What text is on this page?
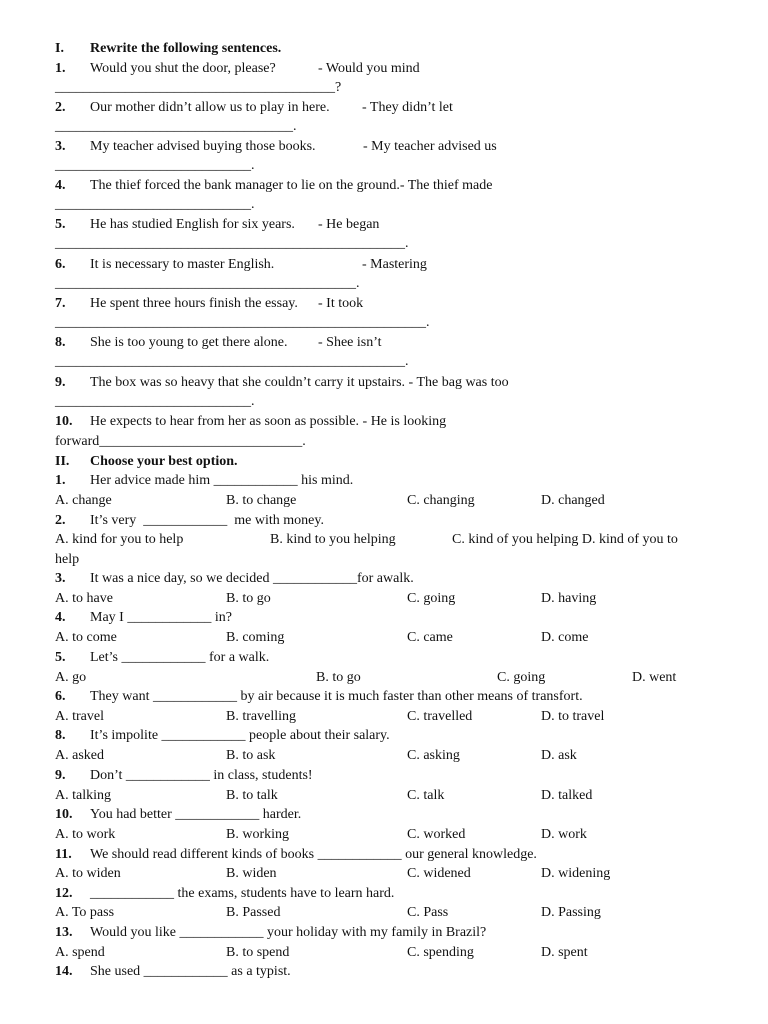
I. Rewrite the following sentences.
1. Would you shut the door, please?	- Would you mind
________________________________________?
2. Our mother didn’t allow us to play in here. - They didn’t let
__________________________________.
3. My teacher advised buying those books.	- My teacher advised us
____________________________.
4. The thief forced the bank manager to lie on the ground.- The thief made
____________________________.
5. He has studied English for six years. - He began
__________________________________________________.
6. It is necessary to master English.	- Mastering
___________________________________________.
7. He spent three hours finish the essay. - It took
_____________________________________________________.
8. She is too young to get there alone. - Shee isn’t
__________________________________________________.
9. The box was so heavy that she couldn’t carry it upstairs. - The bag was too
____________________________.
10. He expects to hear from her as soon as possible. - He is looking
forward_____________________________.
II. Choose your best option.
1. Her advice made him ____________ his mind.
A. change	B. to change	C. changing	D. changed
2. It’s very  ____________  me with money.
A. kind for you to help	B. kind to you helping	C. kind of you helping D. kind of you to
help
3. It was a nice day, so we decided ____________for awalk.
A. to have	B. to go	C. going	D. having
4. May I ____________ in?
A. to come	B. coming	C. came	D. come
5. Let’s ____________ for a walk.
A. go	B. to go	C. going	D. went
6. They want ____________ by air because it is much faster than other means of transfort.
A. travel	B. travelling	C. travelled	D. to travel
8. It’s impolite ____________ people about their salary.
A. asked	B. to ask	C. asking	D. ask
9. Don’t ____________ in class, students!
A. talking	B. to talk	C. talk	D. talked
10. You had better ____________ harder.
A. to work	B. working	C. worked	D. work
11. We should read different kinds of books ____________ our general knowledge.
A. to widen	B. widen	C. widened	D. widening
12. ____________ the exams, students have to learn hard.
A. To pass	B. Passed	C. Pass	D. Passing
13. Would you like ____________ your holiday with my family in Brazil?
A. spend	B. to spend	C. spending	D. spent
14. She used ____________ as a typist.
